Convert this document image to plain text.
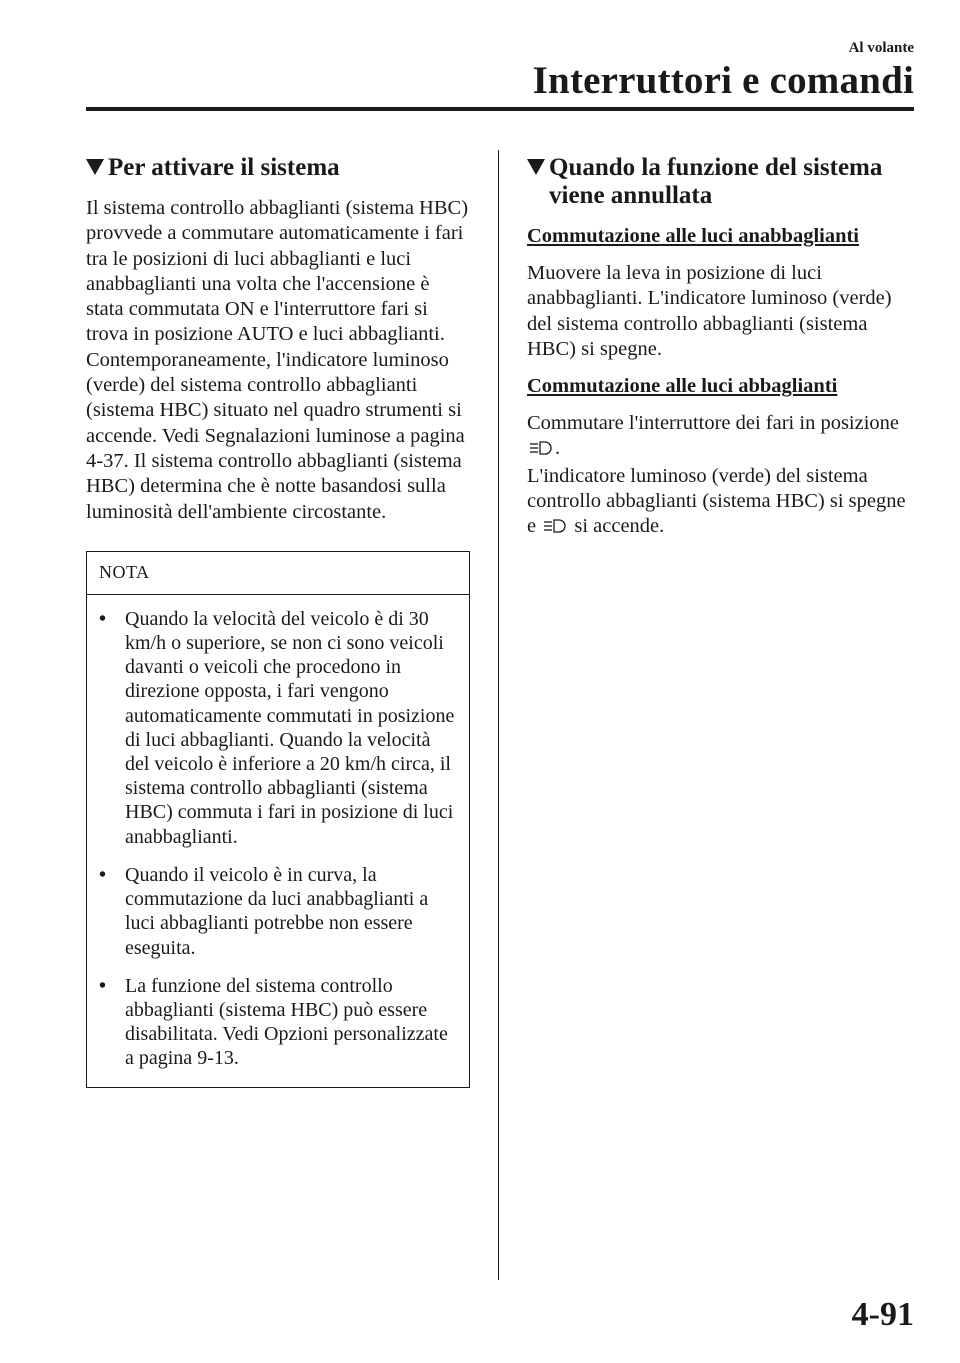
Al volante
Interruttori e comandi
Per attivare il sistema

Il sistema controllo abbaglianti (sistema HBC) provvede a commutare automaticamente i fari tra le posizioni di luci abbaglianti e luci anabbaglianti una volta che l'accensione è stata commutata ON e l'interruttore fari si trova in posizione AUTO e luci abbaglianti. Contemporaneamente, l'indicatore luminoso (verde) del sistema controllo abbaglianti (sistema HBC) situato nel quadro strumenti si accende. Vedi Segnalazioni luminose a pagina 4-37. Il sistema controllo abbaglianti (sistema HBC) determina che è notte basandosi sulla luminosità dell'ambiente circostante.

NOTA
• Quando la velocità del veicolo è di 30 km/h o superiore, se non ci sono veicoli davanti o veicoli che procedono in direzione opposta, i fari vengono automaticamente commutati in posizione di luci abbaglianti. Quando la velocità del veicolo è inferiore a 20 km/h circa, il sistema controllo abbaglianti (sistema HBC) commuta i fari in posizione di luci anabbaglianti.
• Quando il veicolo è in curva, la commutazione da luci anabbaglianti a luci abbaglianti potrebbe non essere eseguita.
• La funzione del sistema controllo abbaglianti (sistema HBC) può essere disabilitata. Vedi Opzioni personalizzate a pagina 9-13.
Quando la funzione del sistema
viene annullata
Commutazione alle luci anabbaglianti

Muovere la leva in posizione di luci anabbaglianti. L'indicatore luminoso (verde) del sistema controllo abbaglianti (sistema HBC) si spegne.

Commutazione alle luci abbaglianti

Commutare l'interruttore dei fari in posizione .
L'indicatore luminoso (verde) del sistema controllo abbaglianti (sistema HBC) si spegne e si accende.

4-91
